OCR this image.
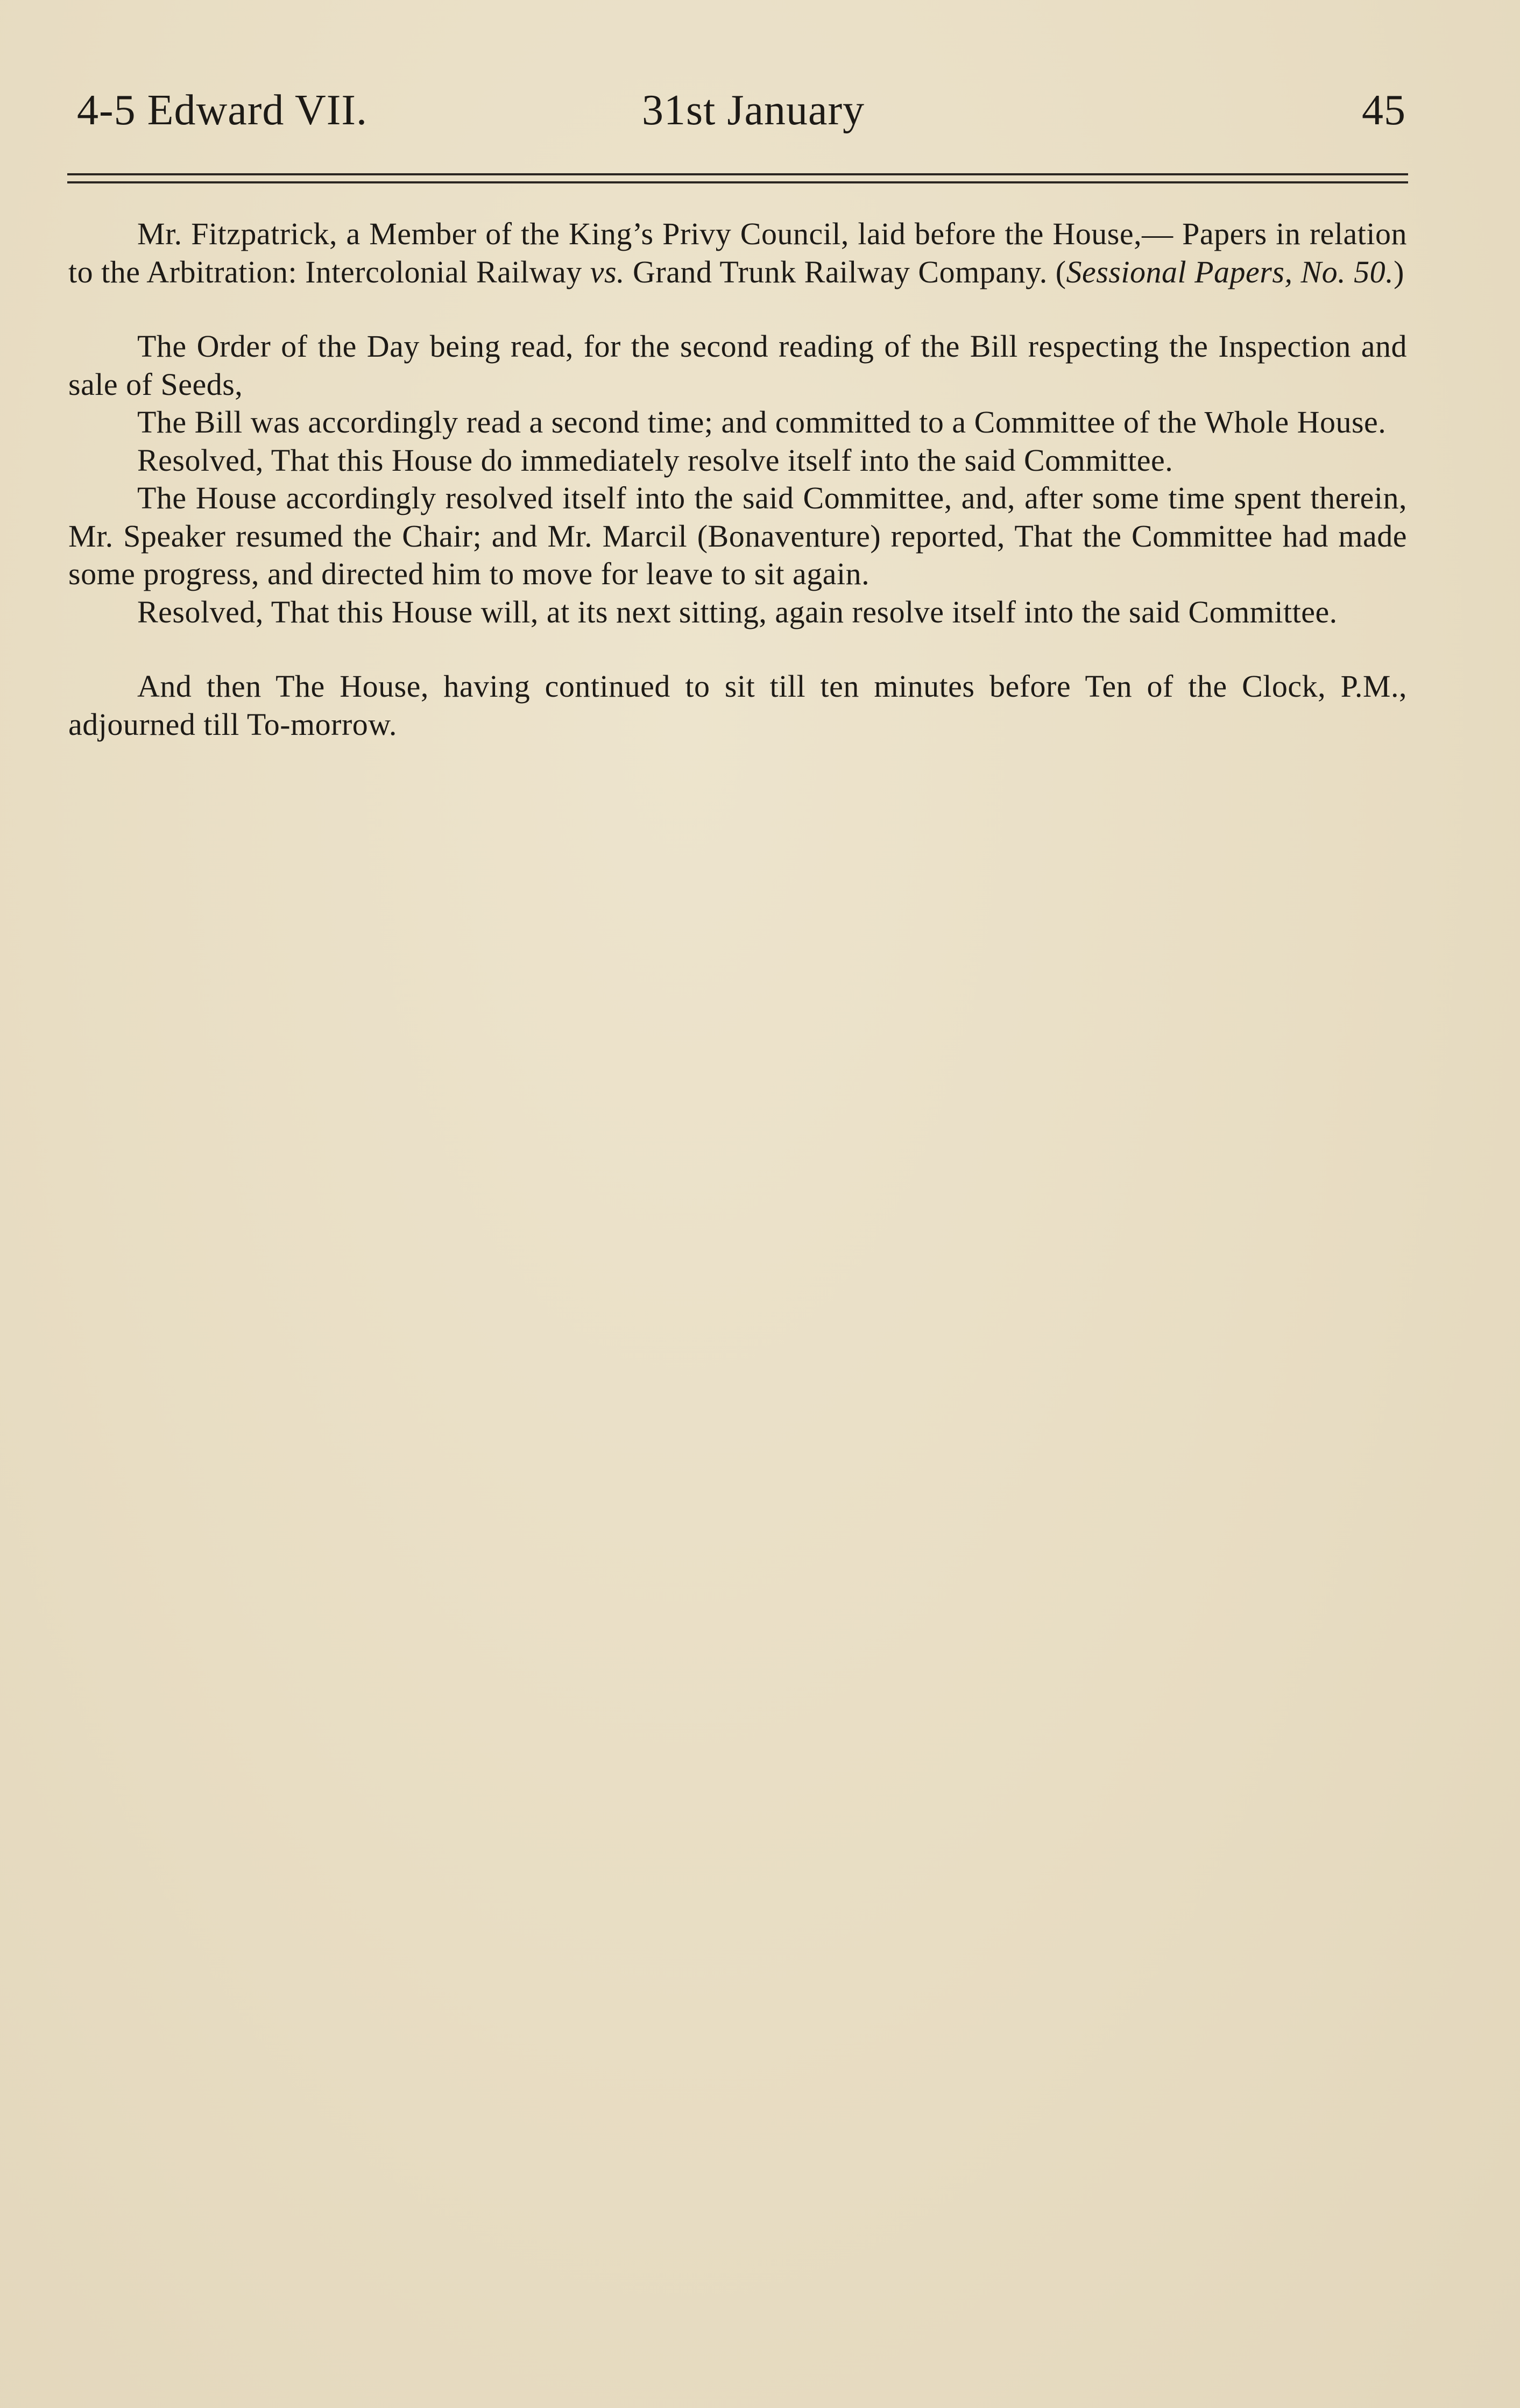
4-5 Edward VII.	31st January	45

Mr. Fitzpatrick, a Member of the King’s Privy Council, laid before the House,— Papers in relation to the Arbitration: Intercolonial Railway vs. Grand Trunk Railway Company. (Sessional Papers, No. 50.)

The Order of the Day being read, for the second reading of the Bill respecting the Inspection and sale of Seeds,

The Bill was accordingly read a second time; and committed to a Committee of the Whole House.

Resolved, That this House do immediately resolve itself into the said Committee.

The House accordingly resolved itself into the said Committee, and, after some time spent therein, Mr. Speaker resumed the Chair; and Mr. Marcil (Bonaventure) reported, That the Committee had made some progress, and directed him to move for leave to sit again.

Resolved, That this House will, at its next sitting, again resolve itself into the said Committee.

And then The House, having continued to sit till ten minutes before Ten of the Clock, P.M., adjourned till To-morrow.
